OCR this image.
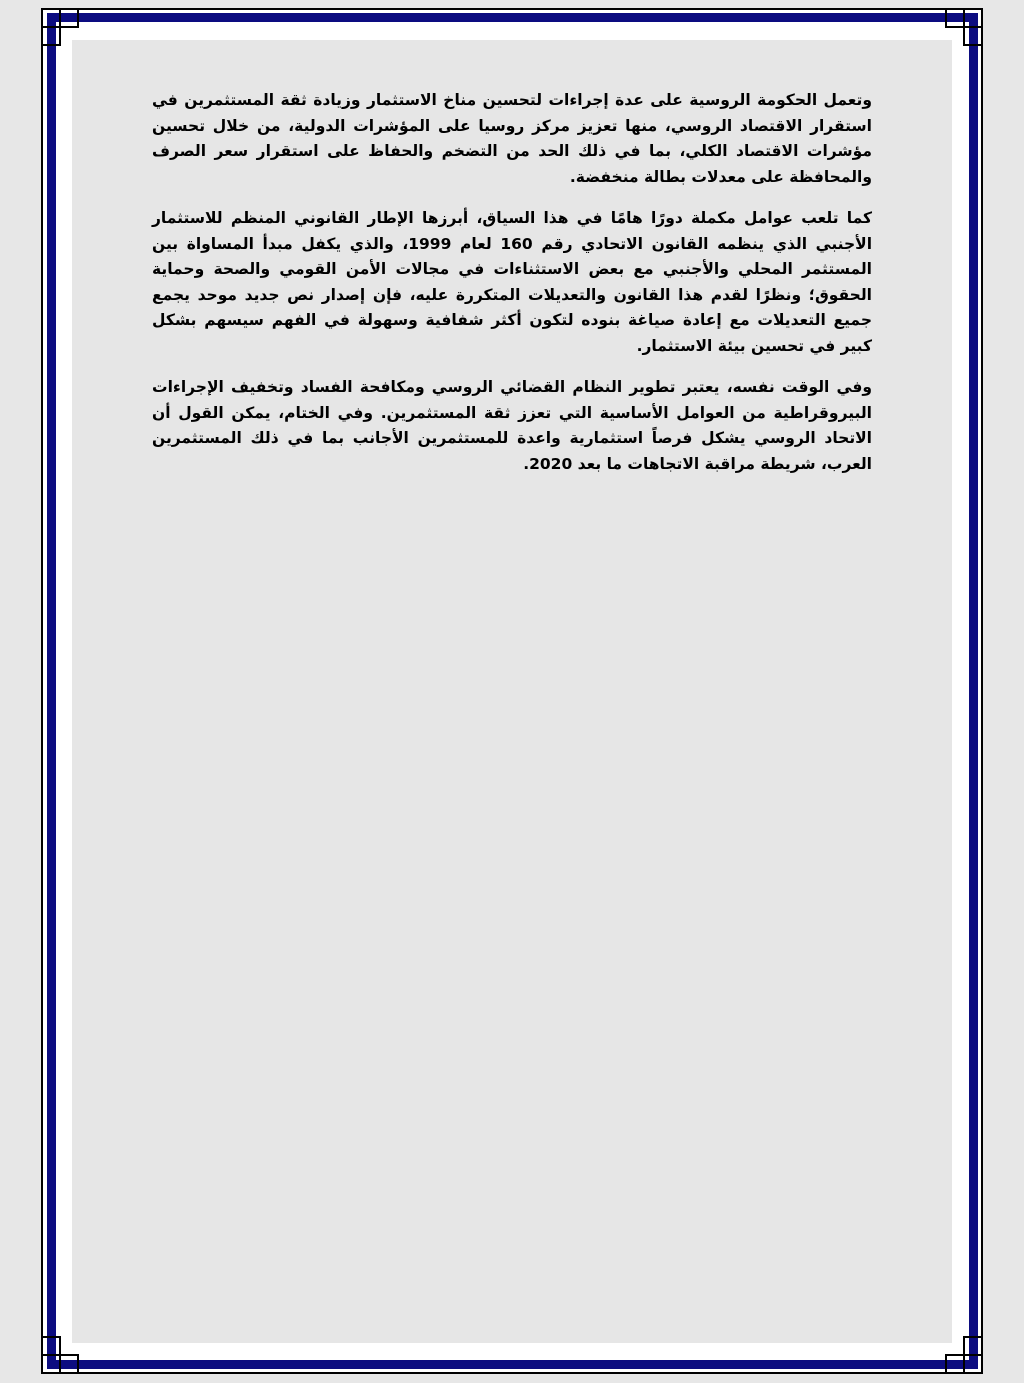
وتعمل الحكومة الروسية على عدة إجراءات لتحسين مناخ الاستثمار وزيادة ثقة المستثمرين في استقرار الاقتصاد الروسي، منها تعزيز مركز روسيا على المؤشرات الدولية، من خلال تحسين مؤشرات الاقتصاد الكلي، بما في ذلك الحد من التضخم والحفاظ على استقرار سعر الصرف والمحافظة على معدلات بطالة منخفضة.

كما تلعب عوامل مكملة دورًا هامًا في هذا السياق، أبرزها الإطار القانوني المنظم للاستثمار الأجنبي الذي ينظمه القانون الاتحادي رقم 160 لعام 1999، والذي يكفل مبدأ المساواة بين المستثمر المحلي والأجنبي مع بعض الاستثناءات في مجالات الأمن القومي والصحة وحماية الحقوق؛ ونظرًا لقدم هذا القانون والتعديلات المتكررة عليه، فإن إصدار نص جديد موحد يجمع جميع التعديلات مع إعادة صياغة بنوده لتكون أكثر شفافية وسهولة في الفهم سيسهم بشكل كبير في تحسين بيئة الاستثمار.

وفي الوقت نفسه، يعتبر تطوير النظام القضائي الروسي ومكافحة الفساد وتخفيف الإجراءات البيروقراطية من العوامل الأساسية التي تعزز ثقة المستثمرين. وفي الختام، يمكن القول أن الاتحاد الروسي يشكل فرصاً استثمارية واعدة للمستثمرين الأجانب بما في ذلك المستثمرين العرب، شريطة مراقبة الاتجاهات ما بعد 2020.
